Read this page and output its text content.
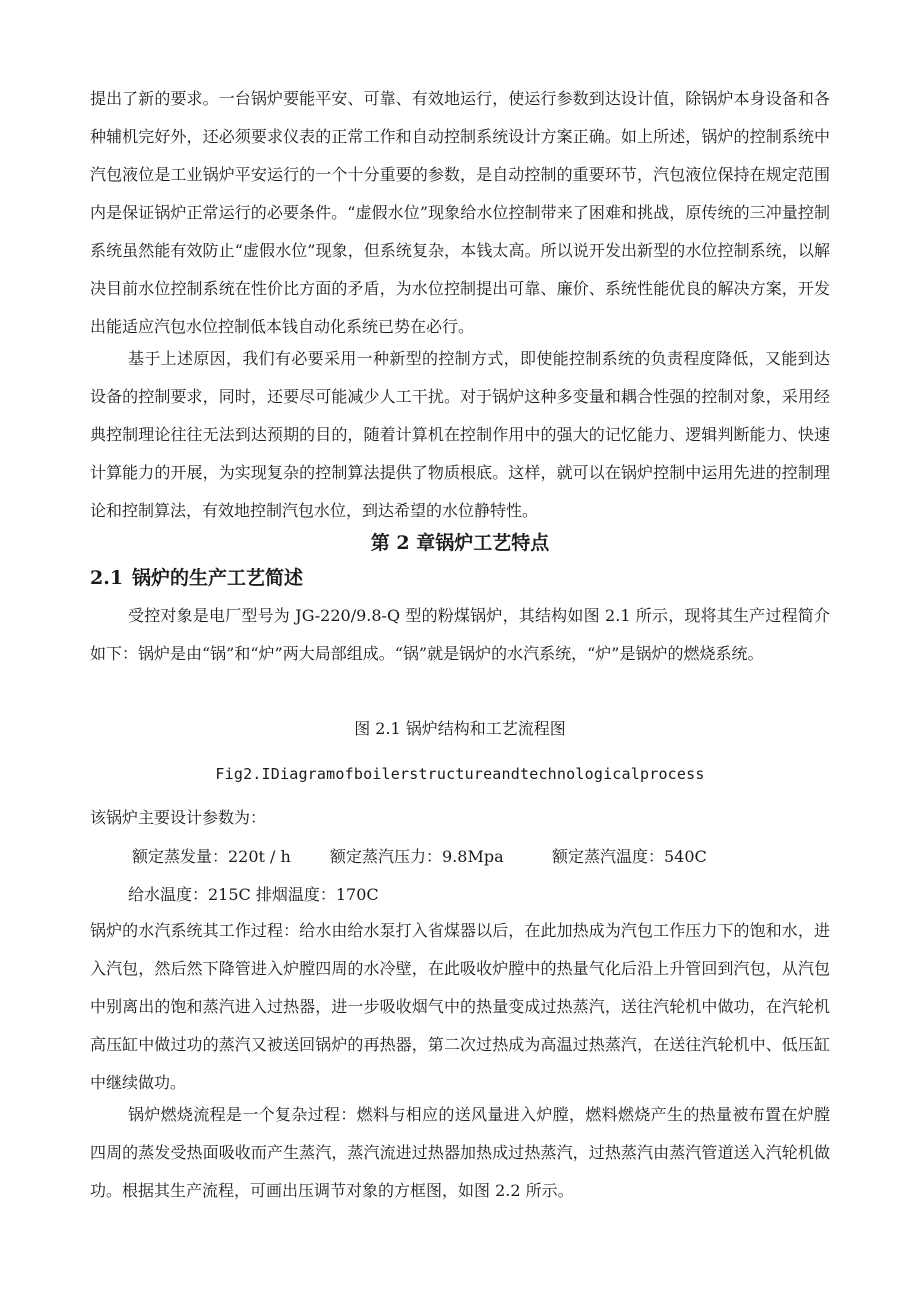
提出了新的要求。一台锅炉要能平安、可靠、有效地运行，使运行参数到达设计值，除锅炉本身设备和各种辅机完好外，还必须要求仪表的正常工作和自动控制系统设计方案正确。如上所述，锅炉的控制系统中汽包液位是工业锅炉平安运行的一个十分重要的参数，是自动控制的重要环节，汽包液位保持在规定范围内是保证锅炉正常运行的必要条件。“虚假水位”现象给水位控制带来了困难和挑战，原传统的三冲量控制系统虽然能有效防止“虚假水位”现象，但系统复杂，本钱太高。所以说开发出新型的水位控制系统，以解决目前水位控制系统在性价比方面的矛盾，为水位控制提出可靠、廉价、系统性能优良的解决方案，开发出能适应汽包水位控制低本钱自动化系统已势在必行。

基于上述原因，我们有必要采用一种新型的控制方式，即使能控制系统的负责程度降低，又能到达设备的控制要求，同时，还要尽可能减少人工干扰。对于锅炉这种多变量和耦合性强的控制对象，采用经典控制理论往往无法到达预期的目的，随着计算机在控制作用中的强大的记忆能力、逻辑判断能力、快速计算能力的开展，为实现复杂的控制算法提供了物质根底。这样，就可以在锅炉控制中运用先进的控制理论和控制算法，有效地控制汽包水位，到达希望的水位静特性。

第 2 章锅炉工艺特点
2.1 锅炉的生产工艺简述

受控对象是电厂型号为 JG-220/9.8-Q 型的粉煤锅炉，其结构如图 2.1 所示，现将其生产过程简介如下：锅炉是由“锅”和“炉”两大局部组成。“锅”就是锅炉的水汽系统，“炉”是锅炉的燃烧系统。

图 2.1 锅炉结构和工艺流程图

Fig2.IDiagramofboilerstructureandtechnologicalprocess

该锅炉主要设计参数为：

额定蒸发量：220t / h 额定蒸汽压力：9.8Mpa	额定蒸汽温度：540C

给水温度：215C 排烟温度：170C

锅炉的水汽系统其工作过程：给水由给水泵打入省煤器以后，在此加热成为汽包工作压力下的饱和水，进入汽包，然后然下降管进入炉膛四周的水冷壁，在此吸收炉膛中的热量气化后沿上升管回到汽包，从汽包中别离出的饱和蒸汽进入过热器，进一步吸收烟气中的热量变成过热蒸汽，送往汽轮机中做功，在汽轮机高压缸中做过功的蒸汽又被送回锅炉的再热器，第二次过热成为高温过热蒸汽，在送往汽轮机中、低压缸中继续做功。

锅炉燃烧流程是一个复杂过程：燃料与相应的送风量进入炉膛，燃料燃烧产生的热量被布置在炉膛四周的蒸发受热面吸收而产生蒸汽，蒸汽流进过热器加热成过热蒸汽，过热蒸汽由蒸汽管道送入汽轮机做功。根据其生产流程，可画出压调节对象的方框图，如图 2.2 所示。
